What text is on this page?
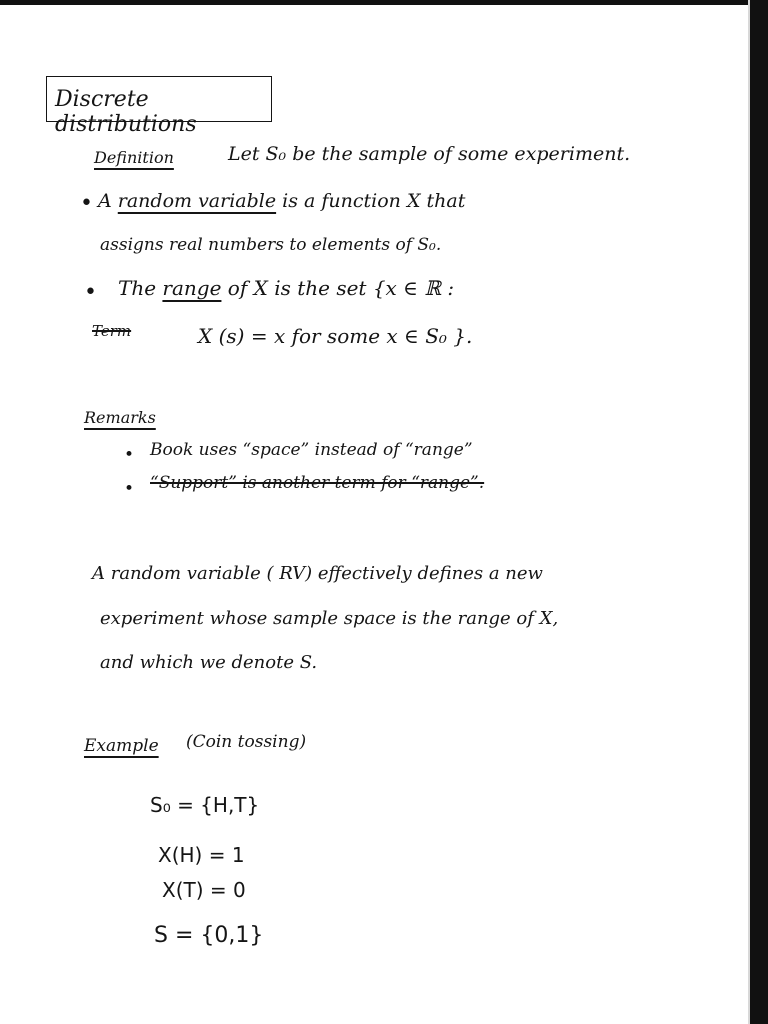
Discrete distributions
Definition	Let S₀ be the sample of some experiment.
• A random variable is a function X that
assigns real numbers to elements of S₀.
• The range of X is the set {x ∈ ℝ :
Term	X (s) = x for some x ∈ S₀ }.
Remarks
• Book uses “space” instead of “range”
• “Support” is another term for “range”.
A random variable ( RV) effectively defines a new
experiment whose sample space is the range of X,
and which we denote S.
Example (Coin tossing)
S₀ = {H,T}
X(H) = 1
X(T) = 0
S = {0,1}
